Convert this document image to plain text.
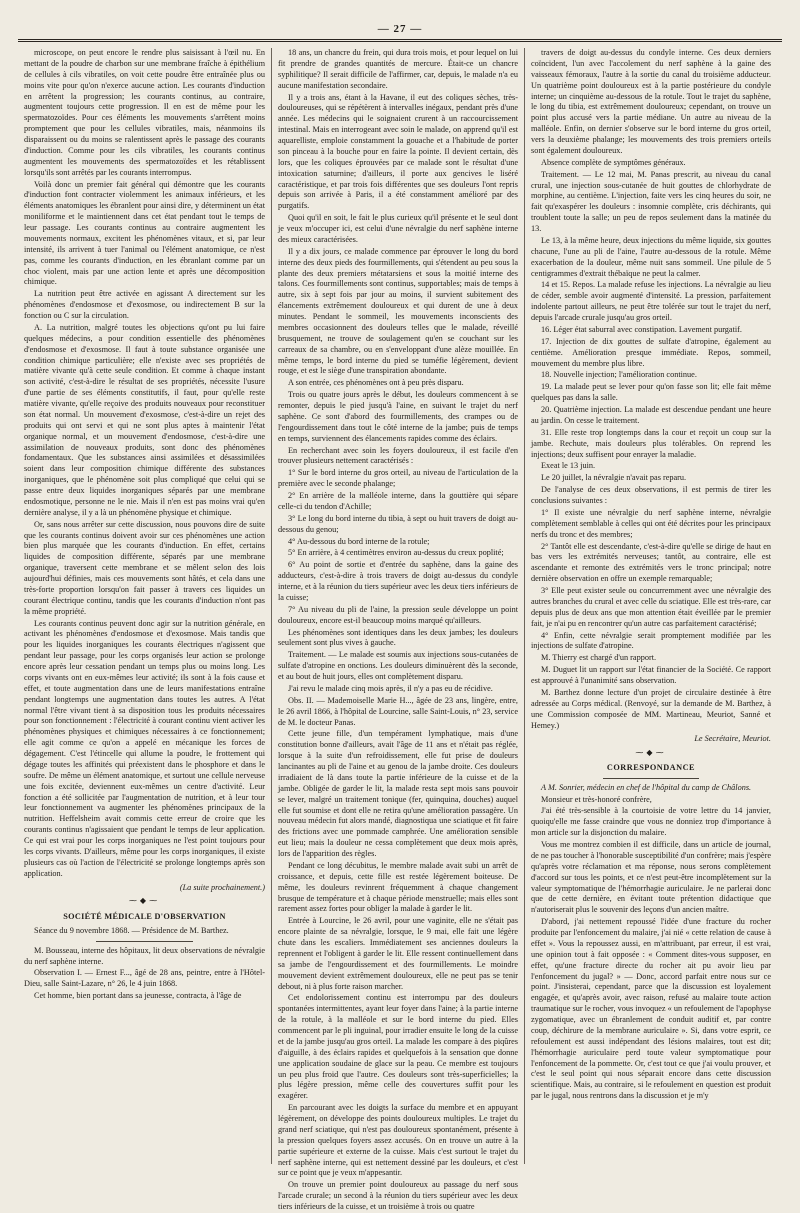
— 27 —

microscope, on peut encore le rendre plus saisissant à l'œil nu. En mettant de la poudre de charbon sur une membrane fraîche à épithélium de cellules à cils vibratiles, on voit cette poudre être entraînée plus ou moins vite pour qu'on n'exerce aucune action. Les courants d'induction en arrêtent la progression; les courants continus, au contraire, augmentent toujours cette progression. Il en est de même pour les spermatozoïdes. Pour ces éléments les mouvements s'arrêtent moins promptement que pour les cellules vibratiles, mais, néanmoins ils disparaissent ou du moins se ralentissent après le passage des courants d'induction. Comme pour les cils vibratiles, les courants continus augmentent les mouvements des spermatozoïdes et les rétablissent lorsqu'ils sont arrêtés par les courants interrompus.

Voilà donc un premier fait général qui démontre que les courants d'induction font contracter violemment les animaux inférieurs, et les éléments anatomiques les ébranlent pour ainsi dire, y déterminent un état moniliforme et le maintiennent dans cet état pendant tout le temps de leur passage. Les courants continus au contraire augmentent les mouvements normaux, excitent les phénomènes vitaux, et si, par leur intensité, ils arrivent à tuer l'animal ou l'élément anatomique, ce n'est pas, comme les courants d'induction, en les ébranlant comme par un choc violent, mais par une action lente et après une décomposition chimique.

La nutrition peut être activée en agissant A directement sur les phénomènes d'endosmose et d'exosmose, ou indirectement B sur la fonction ou C sur la circulation.

A. La nutrition, malgré toutes les objections qu'ont pu lui faire quelques médecins, a pour condition essentielle des phénomènes d'endosmose et d'exosmose. Il faut à toute substance organisée une condition chimique particulière; elle n'existe avec ses propriétés de matière vivante qu'à cette seule condition. Et comme à chaque instant son activité, c'est-à-dire le résultat de ses propriétés, nécessite l'usure d'une partie de ses éléments constitutifs, il faut, pour qu'elle reste matière vivante, qu'elle reçoive des produits nouveaux pour reconstituer son état normal. Un mouvement d'exosmose, c'est-à-dire un rejet des produits qui ont servi et qui ne sont plus aptes à maintenir l'état organique normal, et un mouvement d'endosmose, c'est-à-dire une assimilation de nouveaux produits, sont donc des phénomènes fondamentaux. Que les substances ainsi assimilées et désassimilées soient dans leur composition chimique différente des substances inorganiques, que le phénomène soit plus compliqué que celui qui se passe entre deux liquides inorganiques séparés par une membrane endosmotique, personne ne le nie. Mais il n'en est pas moins vrai qu'en dernière analyse, il y a là un phénomène physique et chimique.

Or, sans nous arrêter sur cette discussion, nous pouvons dire de suite que les courants continus doivent avoir sur ces phénomènes une action bien plus marquée que les courants d'induction. En effet, certains liquides de composition différente, séparés par une membrane organique, traversent cette membrane et se mêlent selon des lois aujourd'hui définies, mais ces mouvements sont hâtés, et cela dans une très-forte proportion lorsqu'on fait passer à travers ces liquides un courant électrique continu, tandis que les courants d'induction n'ont pas la même propriété.

Les courants continus peuvent donc agir sur la nutrition générale, en activant les phénomènes d'endosmose et d'exosmose. Mais tandis que pour les liquides inorganiques les courants électriques n'agissent que pendant leur passage, pour les corps organisés leur action se prolonge encore après leur cessation pendant un temps plus ou moins long. Les corps vivants ont en eux-mêmes leur activité; ils sont à la fois cause et effet, et toute augmentation dans une de leurs manifestations entraîne pendant longtemps une augmentation dans toutes les autres. A l'état normal l'être vivant tient à sa disposition tous les produits nécessaires pour son fonctionnement : l'électricité à courant continu vient activer les phénomènes physiques et chimiques nécessaires à ce fonctionnement; elle agit comme ce qu'on a appelé en mécanique les forces de dégagement. C'est l'étincelle qui allume la poudre, le frottement qui dégage toutes les affinités qui préexistent dans le phosphore et dans le soufre. De même un élément anatomique, et surtout une cellule nerveuse une fois excitée, deviennent eux-mêmes un centre d'activité. Leur fonction a été sollicitée par l'augmentation de nutrition, et à leur tour leur fonctionnement va augmenter les phénomènes principaux de la nutrition. Heffelsheim avait commis cette erreur de croire que les courants continus n'agissaient que pendant le temps de leur application. Ce qui est vrai pour les corps inorganiques ne l'est point toujours pour les corps vivants. D'ailleurs, même pour les corps inorganiques, il existe plusieurs cas où l'action de l'électricité se prolonge longtemps après son application.

(La suite prochainement.)
⁓◆⁓
SOCIÉTÉ MÉDICALE D'OBSERVATION
Séance du 9 novembre 1868. — Présidence de M. Barthez.

M. Bousseau, interne des hôpitaux, lit deux observations de névralgie du nerf saphène interne.

Observation I. — Ernest F..., âgé de 28 ans, peintre, entre à l'Hôtel-Dieu, salle Saint-Lazare, n° 26, le 4 juin 1868.

Cet homme, bien portant dans sa jeunesse, contracta, à l'âge de

18 ans, un chancre du frein, qui dura trois mois, et pour lequel on lui fit prendre de grandes quantités de mercure. Était-ce un chancre syphilitique? Il serait difficile de l'affirmer, car, depuis, le malade n'a eu aucune manifestation secondaire.

Il y a trois ans, étant à la Havane, il eut des coliques sèches, très-douloureuses, qui se répétèrent à intervalles inégaux, pendant près d'une année. Les médecins qui le soignaient crurent à un raccourcissement intestinal. Mais en interrogeant avec soin le malade, on apprend qu'il est aquarelliste, emploie constamment la gouache et a l'habitude de porter son pinceau à la bouche pour en faire la pointe. Il devient certain, dès lors, que les coliques éprouvées par ce malade sont le résultat d'une intoxication saturnine; d'ailleurs, il porte aux gencives le liséré caractéristique, et par trois fois différentes que ses douleurs l'ont repris depuis son arrivée à Paris, il a été constamment amélioré par des purgatifs.

Quoi qu'il en soit, le fait le plus curieux qu'il présente et le seul dont je veux m'occuper ici, est celui d'une névralgie du nerf saphène interne des mieux caractérisées.

Il y a dix jours, ce malade commence par éprouver le long du bord interne des deux pieds des fourmillements, qui s'étendent au peu sous la plante des deux premiers métatarsiens et sous la moitié interne des talons. Ces fourmillements sont continus, supportables; mais de temps à autre, six à sept fois par jour au moins, il survient subitement des élancements extrêmement douloureux et qui durent de une à deux minutes. Pendant le sommeil, les mouvements inconscients des membres occasionnent des douleurs telles que le malade, réveillé brusquement, ne trouve de soulagement qu'en se couchant sur les carreaux de sa chambre, ou en s'enveloppant d'une alèze mouillée. En même temps, le bord interne du pied se tuméfie légèrement, devient rouge, et est le siège d'une transpiration abondante.

A son entrée, ces phénomènes ont à peu près disparu.

Trois ou quatre jours après le début, les douleurs commencent à se remonter, depuis le pied jusqu'à l'aine, en suivant le trajet du nerf saphène. Ce sont d'abord des fourmillements, des crampes ou de l'engourdissement dans tout le côté interne de la jambe; puis de temps en temps, surviennent des élancements rapides comme des éclairs.

En recherchant avec soin les foyers douloureux, il est facile d'en trouver plusieurs nettement caractérisés :

1° Sur le bord interne du gros orteil, au niveau de l'articulation de la première avec le seconde phalange;

2° En arrière de la malléole interne, dans la gouttière qui sépare celle-ci du tendon d'Achille;

3° Le long du bord interne du tibia, à sept ou huit travers de doigt au-dessous du genou;

4° Au-dessous du bord interne de la rotule;

5° En arrière, à 4 centimètres environ au-dessus du creux poplité;

6° Au point de sortie et d'entrée du saphène, dans la gaine des adducteurs, c'est-à-dire à trois travers de doigt au-dessus du condyle interne, et à la réunion du tiers supérieur avec les deux tiers inférieurs de la cuisse;

7° Au niveau du pli de l'aine, la pression seule développe un point douloureux, encore est-il beaucoup moins marqué qu'ailleurs.

Les phénomènes sont identiques dans les deux jambes; les douleurs seulement sont plus vives à gauche.

Traitement. — Le malade est soumis aux injections sous-cutanées de sulfate d'atropine en onctions. Les douleurs diminuèrent dès la seconde, et au bout de huit jours, elles ont complètement disparu.

J'ai revu le malade cinq mois après, il n'y a pas eu de récidive.

Obs. II. — Mademoiselle Marie H..., âgée de 23 ans, lingère, entre, le 26 avril 1866, à l'hôpital de Lourcine, salle Saint-Louis, n° 23, service de M. le docteur Panas.

Cette jeune fille, d'un tempérament lymphatique, mais d'une constitution bonne d'ailleurs, avait l'âge de 11 ans et n'était pas réglée, lorsque à la suite d'un refroidissement, elle fut prise de douleurs lancinantes au pli de l'aine et au genou de la jambe droite. Ces douleurs irradiaient de là dans toute la partie inférieure de la cuisse et de la jambe. Obligée de garder le lit, la malade resta sept mois sans pouvoir se lever, malgré un traitement tonique (fer, quinquina, douches) auquel elle fut soumise et dont elle ne retira qu'une amélioration passagère. Un nouveau médecin fut alors mandé, diagnostiqua une sciatique et fit faire des frictions avec une pommade camphrée. Une amélioration sensible eut lieu; mais la douleur ne cessa complètement que deux mois après, lors de l'apparition des règles.

Pendant ce long décubitus, le membre malade avait subi un arrêt de croissance, et depuis, cette fille est restée légèrement boiteuse. De même, les douleurs revinrent fréquemment à chaque changement brusque de température et à chaque période menstruelle; mais elles sont rarement assez fortes pour obliger la malade à garder le lit.

Entrée à Lourcine, le 26 avril, pour une vaginite, elle ne s'était pas encore plainte de sa névralgie, lorsque, le 9 mai, elle fait une légère chute dans les escaliers. Immédiatement ses anciennes douleurs la reprennent et l'obligent à garder le lit. Elle ressent continuellement dans sa jambe de l'engourdissement et des fourmillements. Le moindre mouvement devient extrêmement douloureux, elle ne peut pas se tenir debout, ni à plus forte raison marcher.

Cet endolorissement continu est interrompu par des douleurs spontanées intermittentes, ayant leur foyer dans l'aine; à la partie interne de la rotule, à la malléole et sur le bord interne du pied. Elles commencent par le pli inguinal, pour irradier ensuite le long de la cuisse et de la jambe jusqu'au gros orteil. La malade les compare à des piqûres d'aiguille, à des éclairs rapides et quelquefois à la sensation que donne une application soudaine de glace sur la peau. Ce membre est toujours un peu plus froid que l'autre. Ces douleurs sont très-superficielles; la plus légère pression, même celle des couvertures suffit pour les exagérer.

En parcourant avec les doigts la surface du membre et en appuyant légèrement, on développe des points douloureux multiples. Le trajet du grand nerf sciatique, qui n'est pas douloureux spontanément, présente à la pression quelques foyers assez accusés. On en trouve un autre à la partie supérieure et externe de la cuisse. Mais c'est surtout le trajet du nerf saphène interne, qui est nettement dessiné par les douleurs, et c'est sur ce point que je veux m'appesantir.

On trouve un premier point douloureux au passage du nerf sous l'arcade crurale; un second à la réunion du tiers supérieur avec les deux tiers inférieurs de la cuisse, et un troisième à trois ou quatre

travers de doigt au-dessus du condyle interne. Ces deux derniers coïncident, l'un avec l'accolement du nerf saphène à la gaine des vaisseaux fémoraux, l'autre à la sortie du canal du troisième adducteur. Un quatrième point douloureux est à la partie postérieure du condyle interne; un cinquième au-dessous de la rotule. Tout le trajet du saphène, le long du tibia, est extrêmement douloureux; cependant, on trouve un point plus accusé vers la partie médiane. Un autre au niveau de la malléole. Enfin, on dernier s'observe sur le bord interne du gros orteil, vers la deuxième phalange; les mouvements des trois premiers orteils sont également douloureux.

Absence complète de symptômes généraux.

Traitement. — Le 12 mai, M. Panas prescrit, au niveau du canal crural, une injection sous-cutanée de huit gouttes de chlorhydrate de morphine, au centième. L'injection, faite vers les cinq heures du soir, ne fait qu'exaspérer les douleurs : insomnie complète, cris déchirants, qui troublent toute la salle; un peu de repos seulement dans la matinée du 13.

Le 13, à la même heure, deux injections du même liquide, six gouttes chacune, l'une au pli de l'aine, l'autre au-dessous de la rotule. Même exacerbation de la douleur, même nuit sans sommeil. Une pilule de 5 centigrammes d'extrait thébaïque ne peut la calmer.

14 et 15. Repos. La malade refuse les injections. La névralgie au lieu de céder, semble avoir augmenté d'intensité. La pression, parfaitement indolente partout ailleurs, ne peut être tolérée sur tout le trajet du nerf, depuis l'arcade crurale jusqu'au gros orteil.

16. Léger état saburral avec constipation. Lavement purgatif.

17. Injection de dix gouttes de sulfate d'atropine, également au centième. Amélioration presque immédiate. Repos, sommeil, mouvement du membre plus libre.

18. Nouvelle injection; l'amélioration continue.

19. La malade peut se lever pour qu'on fasse son lit; elle fait même quelques pas dans la salle.

20. Quatrième injection. La malade est descendue pendant une heure au jardin. On cesse le traitement.

31. Elle reste trop longtemps dans la cour et reçoit un coup sur la jambe. Rechute, mais douleurs plus tolérables. On reprend les injections; deux suffisent pour enrayer la maladie.

Exeat le 13 juin.

Le 20 juillet, la névralgie n'avait pas reparu.

De l'analyse de ces deux observations, il est permis de tirer les conclusions suivantes :

1° Il existe une névralgie du nerf saphène interne, névralgie complètement semblable à celles qui ont été décrites pour les principaux nerfs du tronc et des membres;

2° Tantôt elle est descendante, c'est-à-dire qu'elle se dirige de haut en bas vers les extrémités nerveuses; tantôt, au contraire, elle est ascendante et remonte des extrémités vers le tronc principal; notre dernière observation en offre un exemple remarquable;

3° Elle peut exister seule ou concurremment avec une névralgie des autres branches du crural et avec celle du sciatique. Elle est très-rare, car depuis plus de deux ans que mon attention était éveillée par le premier fait, je n'ai pu en rencontrer qu'un autre cas parfaitement caractérisé;

4° Enfin, cette névralgie serait promptement modifiée par les injections de sulfate d'atropine.

M. Thierry est chargé d'un rapport.

M. Duguet lit un rapport sur l'état financier de la Société. Ce rapport est approuvé à l'unanimité sans observation.

M. Barthez donne lecture d'un projet de circulaire destinée à être adressée au Corps médical. (Renvoyé, sur la demande de M. Barthez, à une Commission composée de MM. Martineau, Meuriot, Sanné et Hemey.)

Le Secrétaire, Meuriot.
⁓◆⁓
CORRESPONDANCE

A M. Sonrier, médecin en chef de l'hôpital du camp de Châlons.

Monsieur et très-honoré confrère,

J'ai été très-sensible à la courtoisie de votre lettre du 14 janvier, quoiqu'elle me fasse craindre que vous ne donniez trop d'importance à mon article sur la disjonction du malaire.

Vous me montrez combien il est difficile, dans un article de journal, de ne pas toucher à l'honorable susceptibilité d'un confrère; mais j'espère qu'après votre réclamation et ma réponse, nous serons complètement d'accord sur tous les points, et ce n'est peut-être incomplètement sur la valeur symptomatique de l'hémorrhagie auriculaire. Je ne parlerai donc que de cette dernière, en évitant toute prétention didactique que n'autoriserait plus le souvenir des leçons d'un ancien maître.

D'abord, j'ai nettement repoussé l'idée d'une fracture du rocher produite par l'enfoncement du malaire, j'ai nié « cette relation de cause à effet ». Vous la repoussez aussi, en m'attribuant, par erreur, il est vrai, une opinion tout à fait opposée : « Comment dites-vous supposer, en effet, qu'une fracture directe du rocher ait pu avoir lieu par l'enfoncement du jugal? » — Donc, accord parfait entre nous sur ce point. J'insisterai, cependant, parce que la discussion est loyalement engagée, et qu'après avoir, avec raison, refusé au malaire toute action traumatique sur le rocher, vous invoquez « un refoulement de l'apophyse zygomatique, avec un ébranlement de conduit auditif et, par contre coup, déchirure de la membrane auriculaire ». Si, dans votre esprit, ce refoulement est aussi indépendant des lésions malaires, tout est dit; l'hémorrhagie auriculaire perd toute valeur symptomatique pour l'enfoncement de la pommette. Or, c'est tout ce que j'ai voulu prouver, et c'est le seul point qui nous séparait encore dans cette discussion scientifique. Mais, au contraire, si le refoulement en question est produit par le jugal, nous rentrons dans la discussion et je m'y
